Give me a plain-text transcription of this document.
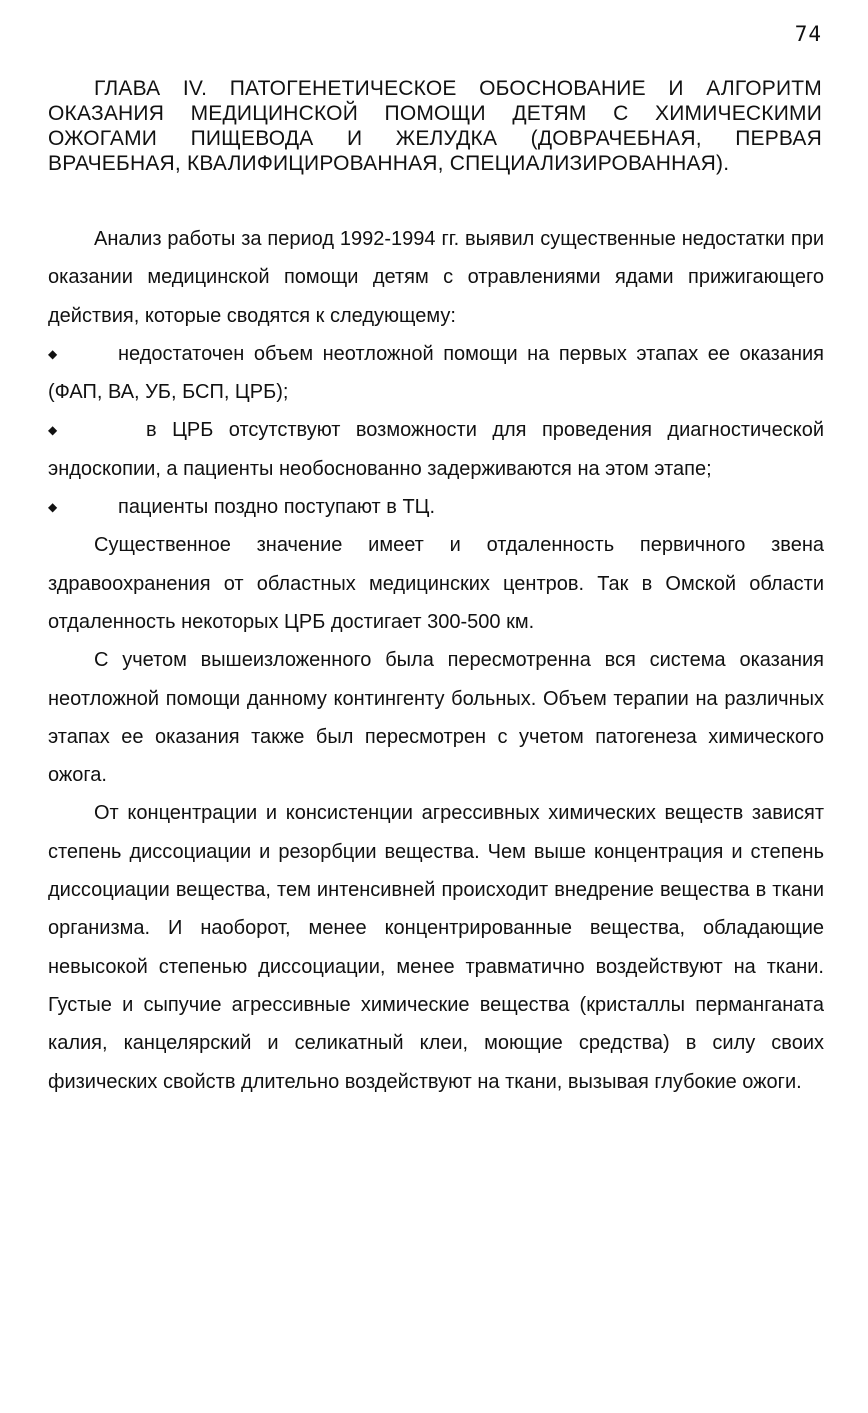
74
ГЛАВА IV. ПАТОГЕНЕТИЧЕСКОЕ ОБОСНОВАНИЕ И АЛГОРИТМ
ОКАЗАНИЯ МЕДИЦИНСКОЙ ПОМОЩИ ДЕТЯМ С ХИМИЧЕСКИМИ
ОЖОГАМИ ПИЩЕВОДА И ЖЕЛУДКА (ДОВРАЧЕБНАЯ, ПЕРВАЯ
ВРАЧЕБНАЯ, КВАЛИФИЦИРОВАННАЯ, СПЕЦИАЛИЗИРОВАННАЯ).

Анализ работы за период 1992-1994 гг. выявил существенные недостатки при оказании медицинской помощи детям с отравлениями ядами прижигающего действия, которые сводятся к следующему:

◆	недостаточен объем неотложной помощи на первых этапах ее оказания (ФАП, ВА, УБ, БСП, ЦРБ);

◆	в ЦРБ отсутствуют возможности для проведения диагностической эндоскопии, а пациенты необоснованно задерживаются на этом этапе;

◆	пациенты поздно поступают в ТЦ.

Существенное значение имеет и отдаленность первичного звена здравоохранения от областных медицинских центров. Так в Омской области отдаленность некоторых ЦРБ достигает 300-500 км.

С учетом вышеизложенного была пересмотренна вся система оказания неотложной помощи данному контингенту больных. Объем терапии на различных этапах ее оказания также был пересмотрен с учетом патогенеза химического ожога.

От концентрации и консистенции агрессивных химических веществ зависят степень диссоциации и резорбции вещества. Чем выше концентрация и степень диссоциации вещества, тем интенсивней происходит внедрение вещества в ткани организма. И наоборот, менее концентрированные вещества, обладающие невысокой степенью диссоциации, менее травматично воздействуют на ткани. Густые и сыпучие агрессивные химические вещества (кристаллы перманганата калия, канцелярский и селикатный клеи, моющие средства) в силу своих физических свойств длительно воздействуют на ткани, вызывая глубокие ожоги.
